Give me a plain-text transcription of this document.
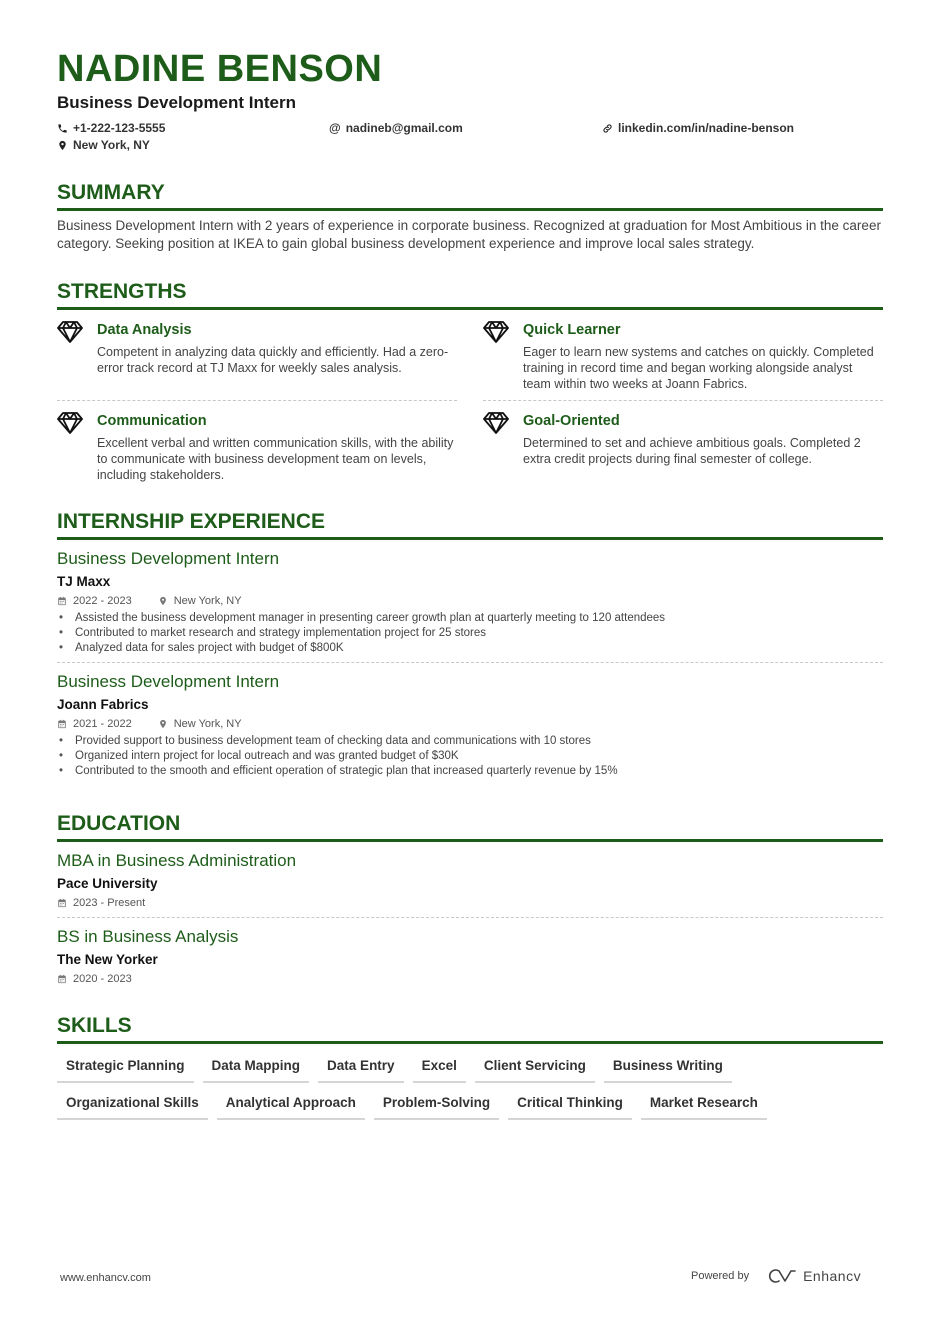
NADINE BENSON
Business Development Intern
+1-222-123-5555	@ nadineb@gmail.com	linkedin.com/in/nadine-benson
New York, NY
SUMMARY
Business Development Intern with 2 years of experience in corporate business. Recognized at graduation for Most Ambitious in the career category. Seeking position at IKEA to gain global business development experience and improve local sales strategy.
STRENGTHS
Data Analysis
Competent in analyzing data quickly and efficiently. Had a zero-error track record at TJ Maxx for weekly sales analysis.
Quick Learner
Eager to learn new systems and catches on quickly. Completed training in record time and began working alongside analyst team within two weeks at Joann Fabrics.
Communication
Excellent verbal and written communication skills, with the ability to communicate with business development team on levels, including stakeholders.
Goal-Oriented
Determined to set and achieve ambitious goals. Completed 2 extra credit projects during final semester of college.
INTERNSHIP EXPERIENCE
Business Development Intern
TJ Maxx
2022 - 2023	New York, NY
• Assisted the business development manager in presenting career growth plan at quarterly meeting to 120 attendees
• Contributed to market research and strategy implementation project for 25 stores
• Analyzed data for sales project with budget of $800K
Business Development Intern
Joann Fabrics
2021 - 2022	New York, NY
• Provided support to business development team of checking data and communications with 10 stores
• Organized intern project for local outreach and was granted budget of $30K
• Contributed to the smooth and efficient operation of strategic plan that increased quarterly revenue by 15%
EDUCATION
MBA in Business Administration
Pace University
2023 - Present
BS in Business Analysis
The New Yorker
2020 - 2023
SKILLS
Strategic Planning	Data Mapping	Data Entry	Excel	Client Servicing	Business Writing
Organizational Skills	Analytical Approach	Problem-Solving	Critical Thinking	Market Research
www.enhancv.com	Powered by	Enhancv
